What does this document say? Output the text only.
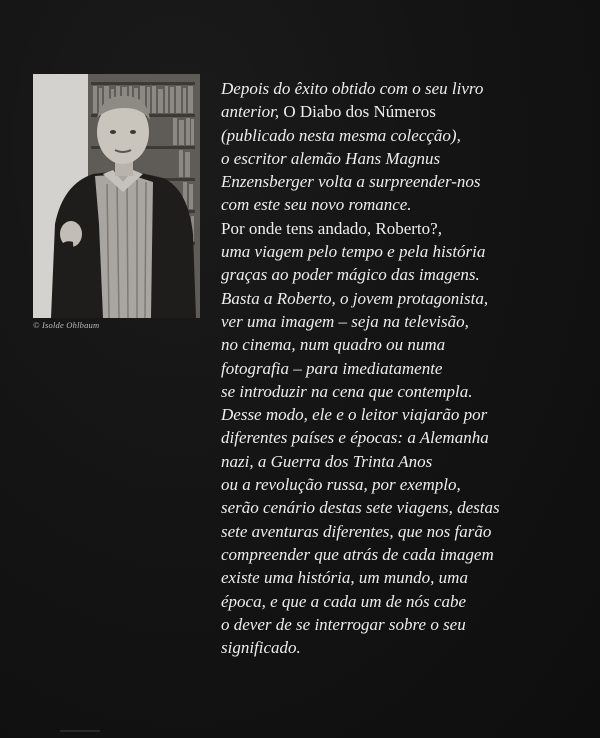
© Isolde Ohlbaum

Depois do êxito obtido com o seu livro
anterior, O Diabo dos Números
(publicado nesta mesma colecção),
o escritor alemão Hans Magnus
Enzensberger volta a surpreender-nos
com este seu novo romance.
Por onde tens andado, Roberto?,
uma viagem pelo tempo e pela história
graças ao poder mágico das imagens.
Basta a Roberto, o jovem protagonista,
ver uma imagem – seja na televisão,
no cinema, num quadro ou numa
fotografia – para imediatamente
se introduzir na cena que contempla.
Desse modo, ele e o leitor viajarão por
diferentes países e épocas: a Alemanha
nazi, a Guerra dos Trinta Anos
ou a revolução russa, por exemplo,
serão cenário destas sete viagens, destas
sete aventuras diferentes, que nos farão
compreender que atrás de cada imagem
existe uma história, um mundo, uma
época, e que a cada um de nós cabe
o dever de se interrogar sobre o seu
significado.
